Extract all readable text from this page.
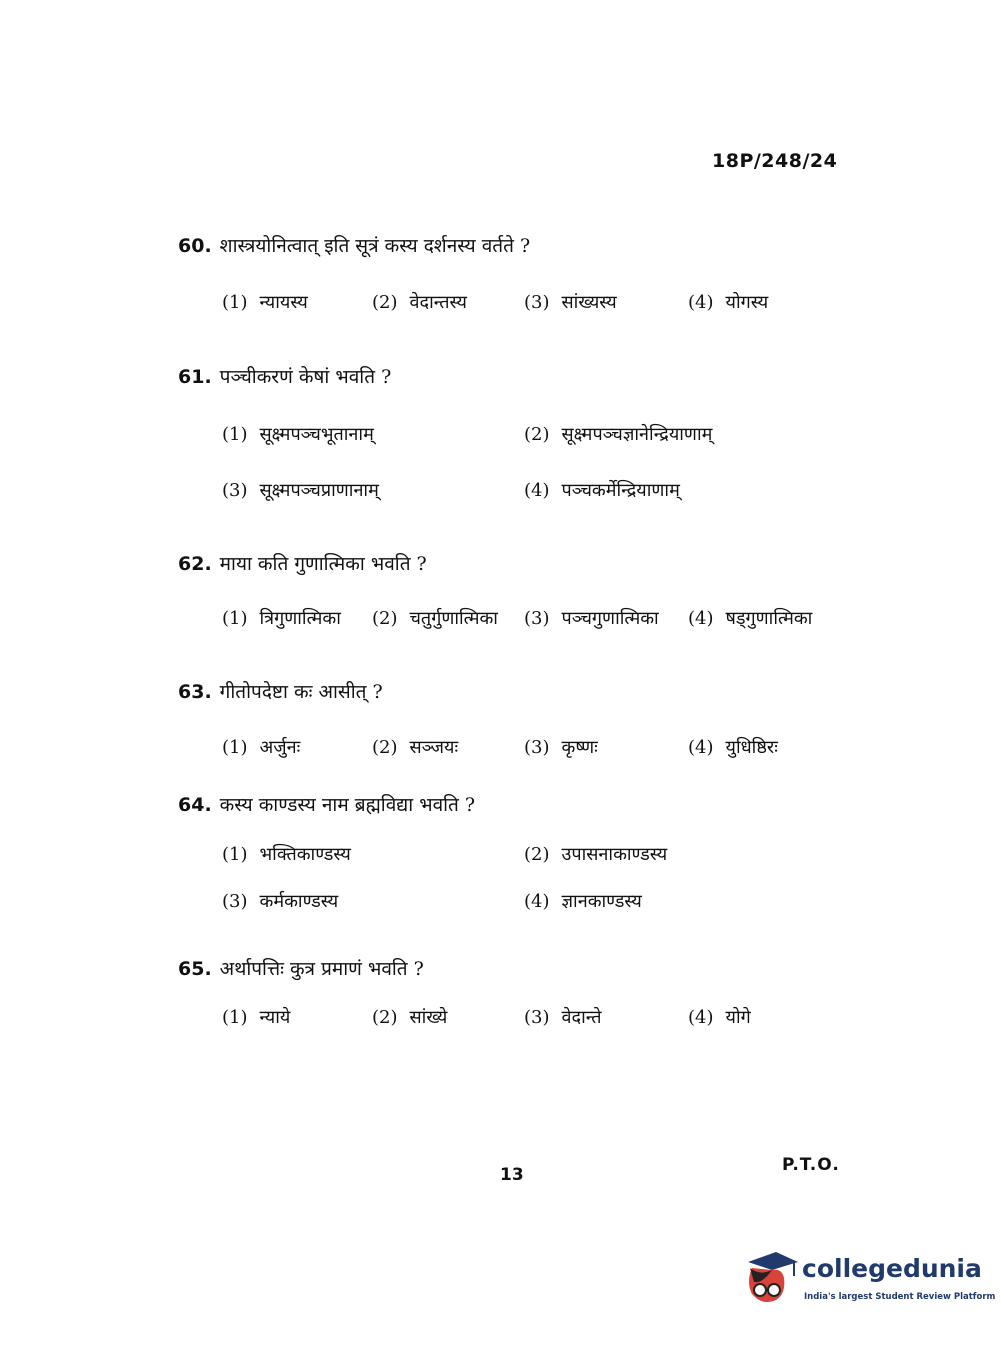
18P/248/24
60. शास्त्रयोनित्वात् इति सूत्रं कस्य दर्शनस्य वर्तते ?
(1) न्यायस्य	(2) वेदान्तस्य	(3) सांख्यस्य	(4) योगस्य
61. पञ्चीकरणं केषां भवति ?
(1) सूक्ष्मपञ्चभूतानाम्	(2) सूक्ष्मपञ्चज्ञानेन्द्रियाणाम्
(3) सूक्ष्मपञ्चप्राणानाम्	(4) पञ्चकर्मेन्द्रियाणाम्
62. माया कति गुणात्मिका भवति ?
(1) त्रिगुणात्मिका (2) चतुर्गुणात्मिका (3) पञ्चगुणात्मिका (4) षड्गुणात्मिका
63. गीतोपदेष्टा कः आसीत् ?
(1) अर्जुनः	(2) सञ्जयः	(3) कृष्णः	(4) युधिष्ठिरः
64. कस्य काण्डस्य नाम ब्रह्मविद्या भवति ?
(1) भक्तिकाण्डस्य	(2) उपासनाकाण्डस्य
(3) कर्मकाण्डस्य	(4) ज्ञानकाण्डस्य
65. अर्थापत्तिः कुत्र प्रमाणं भवति ?
(1) न्याये	(2) सांख्ये	(3) वेदान्ते	(4) योगे
13	P.T.O.
collegedunia
India's largest Student Review Platform
